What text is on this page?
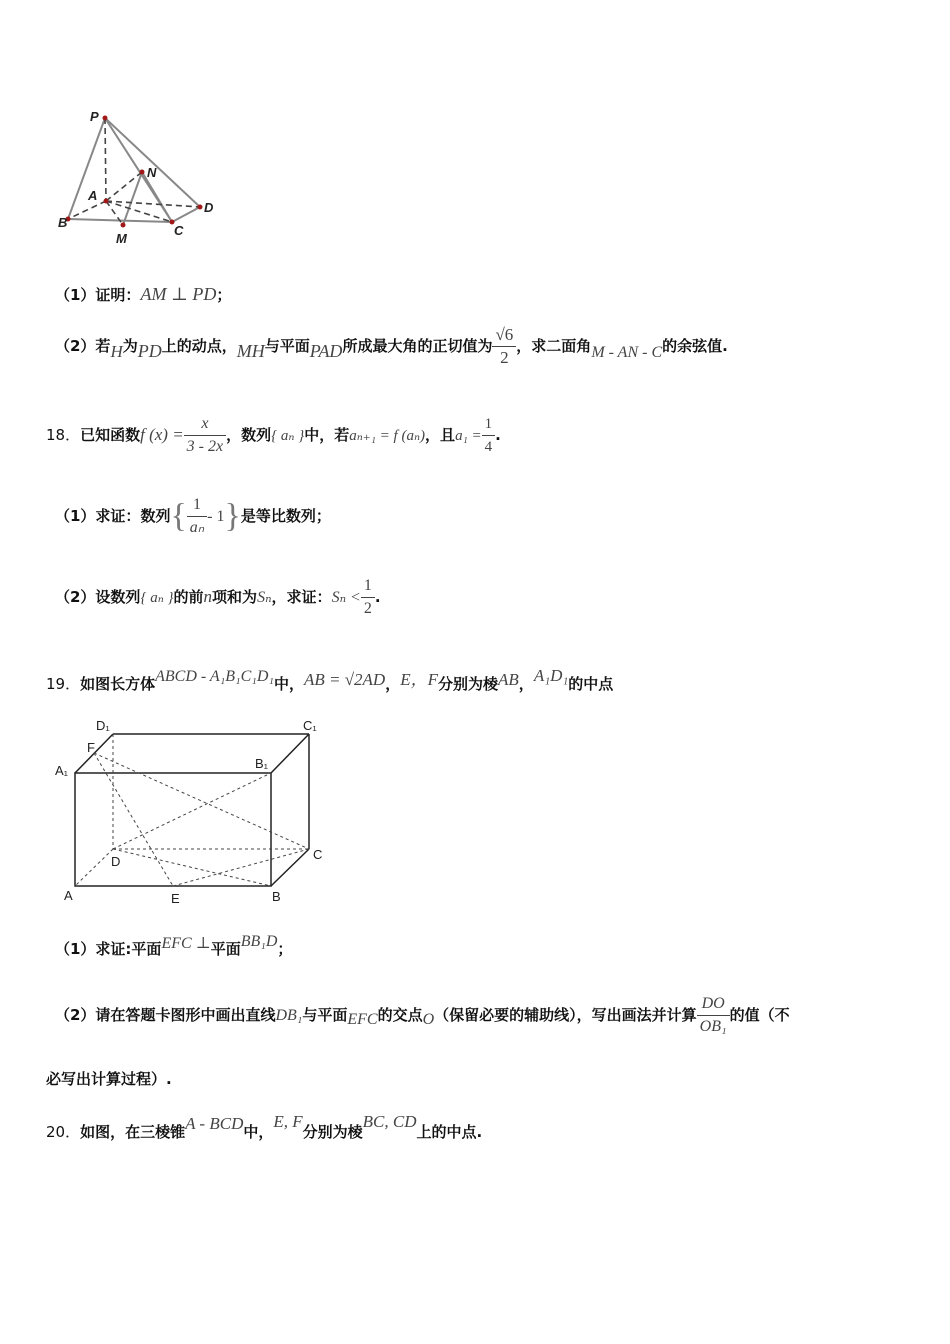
P
N
A
D
B
M
C
（1）证明：AM ⊥ PD；
（2）若H为PD上的动点，MH与平面PAD所成最大角的正切值为 $\frac{√6}{2}$ ，求二面角M - AN - C的余弦值.
18．已知函数f $(x) = \frac{x}{3 - 2x}$ ，数列{ aₙ }中，若aₙ₊₁ = f (aₙ)，且$a_1 = \frac{1}{4}$ .
（1）求证：数列{ $\frac{1}{\text{aₙ}} - 1$}是等比数列；
（2）设数列{ aₙ }的前n项和为Sₙ，求证：$S_n < \frac{1}{2}$ .
19．如图长方体ABCD - A₁B₁C₁D₁中，AB = √2AD，E，F分别为棱AB，A₁D₁的中点
D₁	C₁
F
A₁	B₁
D	C
A	E	B
（1）求证:平面EFC ⊥平面BB₁D；
（2）请在答题卡图形中画出直线DB₁与平面EFC的交点O（保留必要的辅助线），写出画法并计算 $\frac{DO}{\text{OB₁}}$ 的值（不
必写出计算过程）.
20．如图，在三棱锥A - BCD中，E, F分别为棱BC, CD上的中点.
